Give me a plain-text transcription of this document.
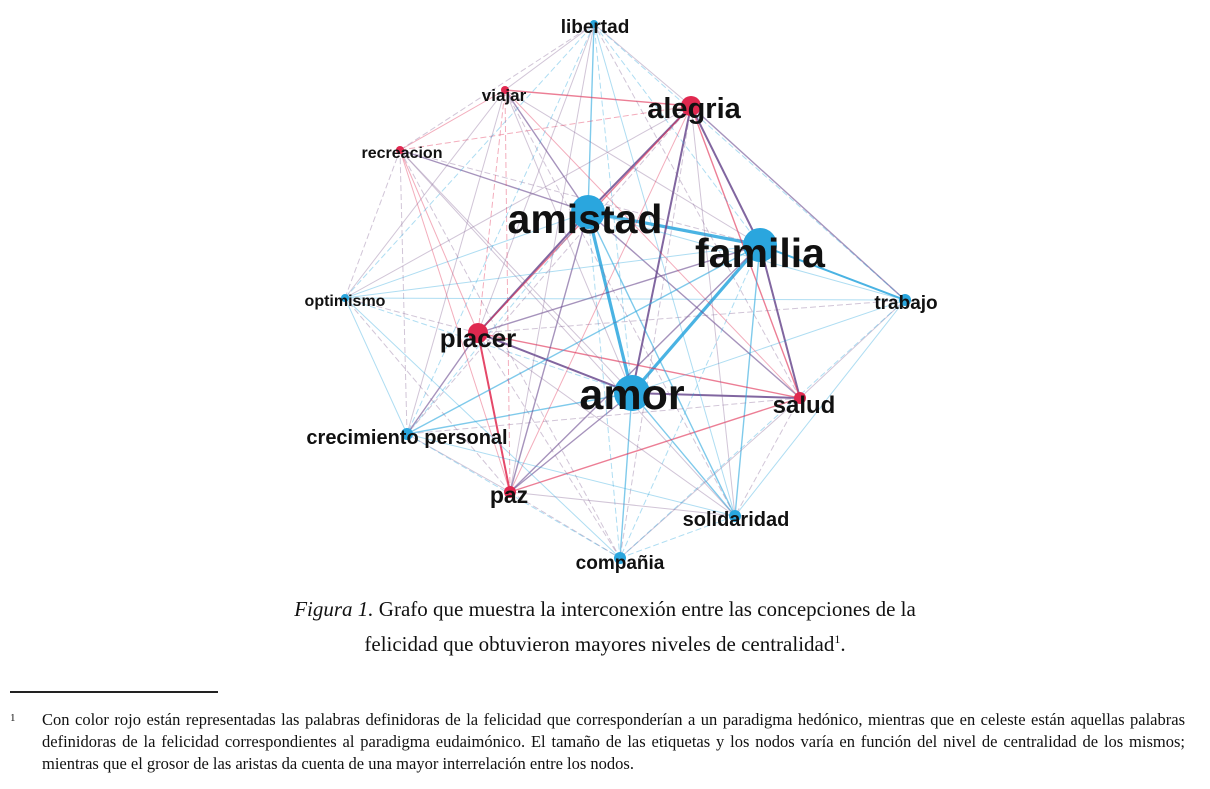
libertad
viajar	alegria
recreacion
amistad
familia
optimismo	trabajo
placer
amor	salud
crecimiento personal
paz
solidaridad
compañia
Figura 1. Grafo que muestra la interconexión entre las concepciones de la
felicidad que obtuvieron mayores niveles de centralidad$^1$.
1 Con color rojo están representadas las palabras definidoras de la felicidad que corresponderían a un paradigma hedónico, mientras que en celeste están aquellas palabras definidoras de la felicidad correspondientes al paradigma eudaimónico. El tamaño de las etiquetas y los nodos varía en función del nivel de centralidad de los mismos; mientras que el grosor de las aristas da cuenta de una mayor interrelación entre los nodos.
